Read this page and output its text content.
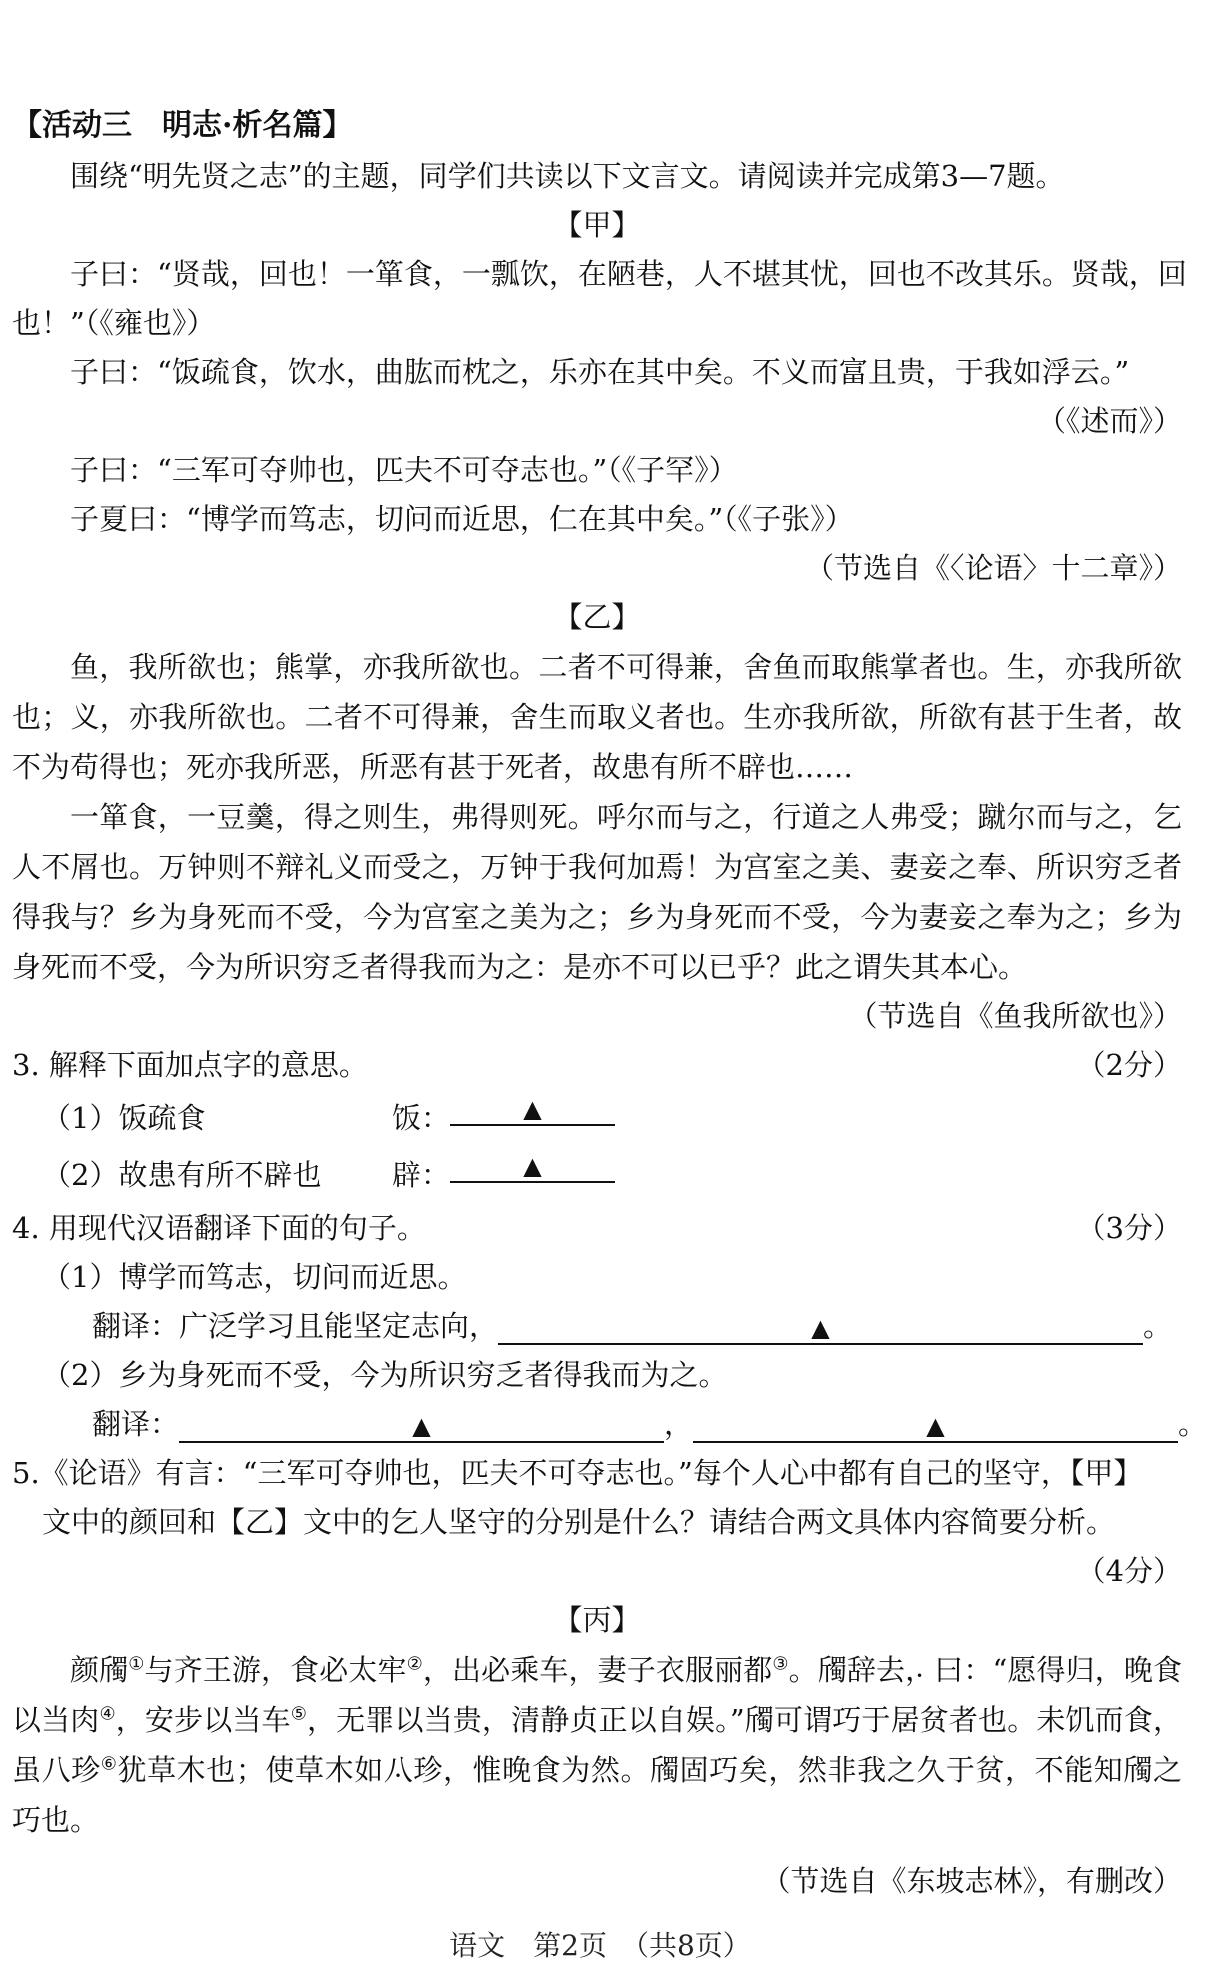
【活动三　明志·析名篇】
围绕“明先贤之志”的主题，同学们共读以下文言文。请阅读并完成第3—7题。
【甲】
子曰：“贤哉，回也！一箪食，一瓢饮，在陋巷，人不堪其忧，回也不改其乐。贤哉，回
也！”（《雍也》）
子曰：“饭 •疏食，饮水，曲肱而枕之，乐亦在其中矣。不义而富且贵，于我如浮云。”
（《述而》）
子曰：“三军可夺帅也，匹夫不可夺志也。”（《子罕》）
子夏曰：“博学而笃志，切问而近思，仁在其中矣。”（《子张》）
（节选自《〈论语〉十二章》）
【乙】
鱼，我所欲也；熊掌，亦我所欲也。二者不可得兼，舍鱼而取熊掌者也。生，亦我所欲也；义，亦我所欲也。二者不可得兼，舍生而取义者也。生亦我所欲，所欲有甚于生者，故不为苟得也；死亦我所恶，所恶有甚于死者，故患有所不辟 •也……
一箪食，一豆羹，得之则生，弗得则死。呼尔而与之，行道之人弗受；蹴尔而与之，乞人不屑也。万钟则不辩礼义而受之，万钟于我何加焉！为宫室之美、妻妾之奉、所识穷乏者得我与？乡为身死而不受，今为宫室之美为之；乡为身死而不受，今为妻妾之奉为之；乡为身死而不受，今为所识穷乏者得我而为之：是亦不可以已乎？此之谓失其本心。
（节选自《鱼我所欲也》）
3. 解释下面加点字的意思。	（2分）
（1）饭 •疏食	饭：	▲
（2）故患有所不辟 •也	辟：	▲
4. 用现代汉语翻译下面的句子。	（3分）
（1）博学而笃志，切问而近思。
翻译：广泛学习且能坚定志向，	▲	。
（2）乡为身死而不受，今为所识穷乏者得我而为之。
翻译：	▲	，	▲	。
5.《论语》有言：“三军可夺帅也，匹夫不可夺志也。”每个人心中都有自己的坚守，【甲】
文中的颜回和【乙】文中的乞人坚守的分别是什么？请结合两文具体内容简要分析。
（4分）
【丙】
颜斶①与齐王游，食必太牢②，出必乘车，妻子衣服丽都③。斶辞去 •，曰：“愿得归，晚食以当肉④，安步以当车⑤，无罪以当贵，清静贞正以自娱。”斶可谓巧于 •居贫者也。未饥而食，虽八珍⑥犹草木也；使草木如 •八珍，惟晚食为然。斶固巧矣，然非我之久于贫，不能知斶之巧也。
（节选自《东坡志林》，有删改）
语文　第2页　（共8页）
